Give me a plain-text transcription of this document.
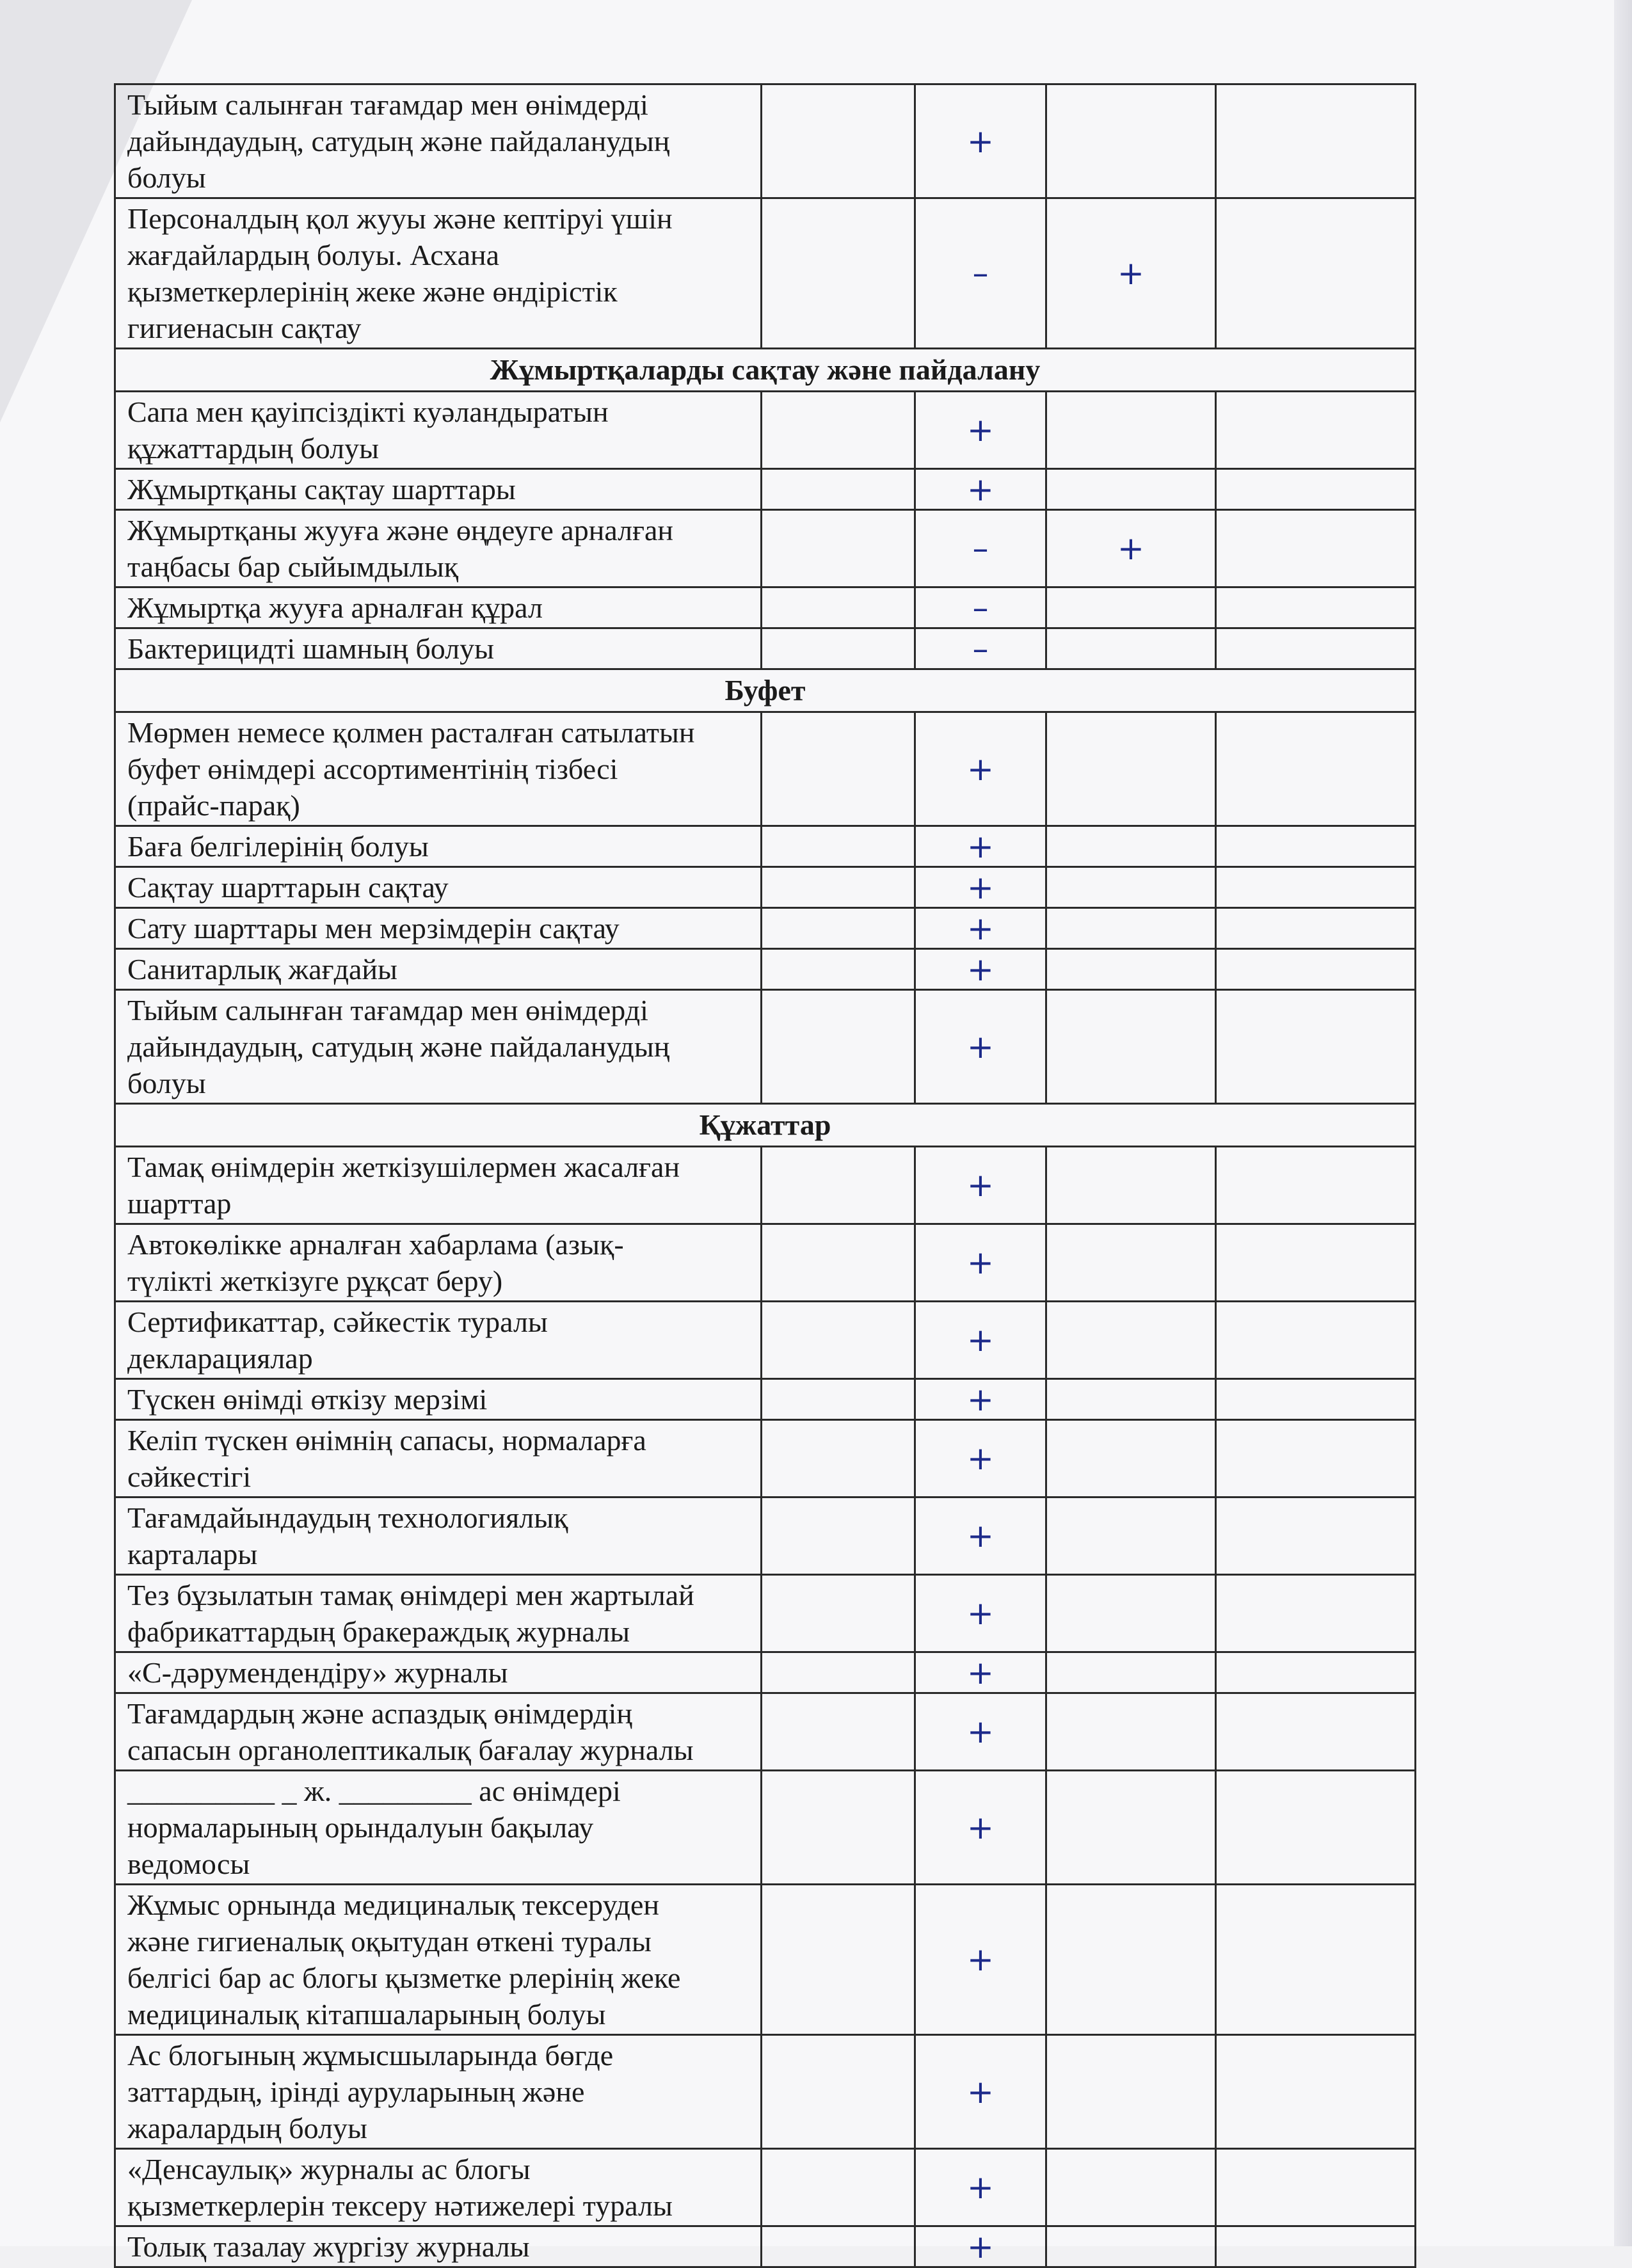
Тыйым салынған тағамдар мен өнімдерді
дайындаудың, сатудың және пайдаланудың
болуы		+		
Персоналдың қол жууы және кептіруі үшін
жағдайлардың болуы. Асхана
қызметкерлерінің жеке және өндірістік
гигиенасын сақтау		–	+	
Жұмыртқаларды сақтау және пайдалану				
Сапа мен қауіпсіздікті куәландыратын
құжаттардың болуы		+		
Жұмыртқаны сақтау шарттары		+		
Жұмыртқаны жууға және өңдеуге арналған
таңбасы бар сыйымдылық		–	+	
Жұмыртқа жууға арналған құрал		–		
Бактерицидті шамның болуы		–		
Буфет				
Мөрмен немесе қолмен расталған сатылатын
буфет өнімдері ассортиментінің тізбесі
(прайс-парақ)		+		
Баға белгілерінің болуы		+		
Сақтау шарттарын сақтау		+		
Сату шарттары мен мерзімдерін сақтау		+		
Санитарлық жағдайы		+		
Тыйым салынған тағамдар мен өнімдерді
дайындаудың, сатудың және пайдаланудың
болуы		+		
Құжаттар				
Тамақ өнімдерін жеткізушілермен жасалған
шарттар		+		
Автокөлікке арналған хабарлама (азық-
түлікті жеткізуге рұқсат беру)		+		
Сертификаттар, сәйкестік туралы
декларациялар		+		
Түскен өнімді өткізу мерзімі		+		
Келіп түскен өнімнің сапасы, нормаларға
сәйкестігі		+		
Тағамдайындаудың технологиялық
карталары		+		
Тез бұзылатын тамақ өнімдері мен жартылай
фабрикаттардың бракераждық журналы		+		
«С-дәрумендендіру» журналы		+		
Тағамдардың және аспаздық өнімдердің
сапасын органолептикалық бағалау журналы		+		
__________ _ ж. _________ ас өнімдері
нормаларының орындалуын бақылау
ведомосы		+		
Жұмыс орнында медициналық тексеруден
және гигиеналық оқытудан өткені туралы
белгісі бар ас блогы қызметке рлерінің жеке
медициналық кітапшаларының болуы		+		
Ас блогының жұмысшыларында бөгде
заттардың, ірінді ауруларының және
жаралардың болуы		+		
«Денсаулық» журналы ас блогы
қызметкерлерін тексеру нәтижелері туралы		+		
Толық тазалау жүргізу журналы		+		
